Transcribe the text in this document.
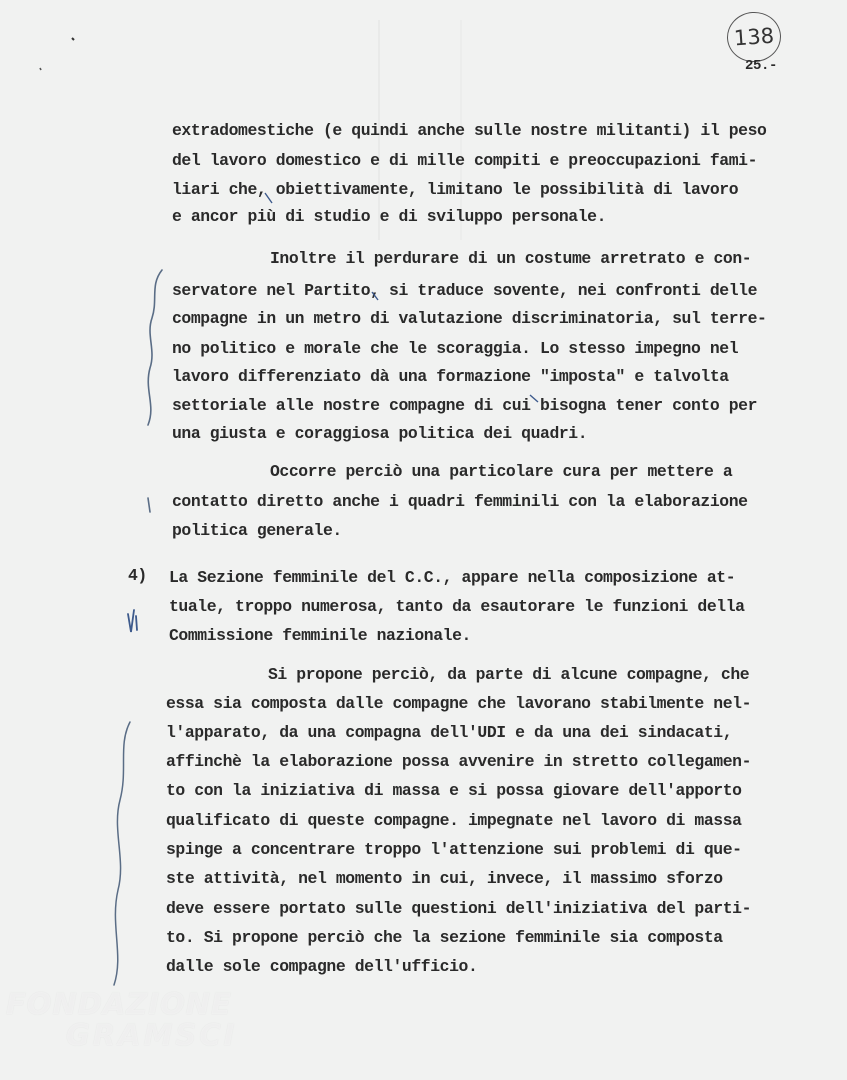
138
25.-
extradomestiche (e quindi anche sulle nostre militanti) il peso
del lavoro domestico e di mille compiti e preoccupazioni fami-
liari che, obiettivamente, limitano le possibilità di lavoro
e ancor più di studio e di sviluppo personale.
Inoltre il perdurare di un costume arretrato e con-
servatore nel Partito, si traduce sovente, nei confronti delle
compagne in un metro di valutazione discriminatoria, sul terre-
no politico e morale che le scoraggia. Lo stesso impegno nel
lavoro differenziato dà una formazione "imposta" e talvolta
settoriale alle nostre compagne di cui bisogna tener conto per
una giusta e coraggiosa politica dei quadri.
Occorre perciò una particolare cura per mettere a
contatto diretto anche i quadri femminili con la elaborazione
politica generale.
4) La Sezione femminile del C.C., appare nella composizione at-
tuale, troppo numerosa, tanto da esautorare le funzioni della
Commissione femminile nazionale.
Si propone perciò, da parte di alcune compagne, che
essa sia composta dalle compagne che lavorano stabilmente nel-
l'apparato, da una compagna dell'UDI e da una dei sindacati,
affinchè la elaborazione possa avvenire in stretto collegamen-
to con la iniziativa di massa e si possa giovare dell'apporto
qualificato di queste compagne. impegnate nel lavoro di massa
spinge a concentrare troppo l'attenzione sui problemi di que-
ste attività, nel momento in cui, invece, il massimo sforzo
deve essere portato sulle questioni dell'iniziativa del parti-
to. Si propone perciò che la sezione femminile sia composta
dalle sole compagne dell'ufficio.
FONDAZIONE
GRAMSCI
